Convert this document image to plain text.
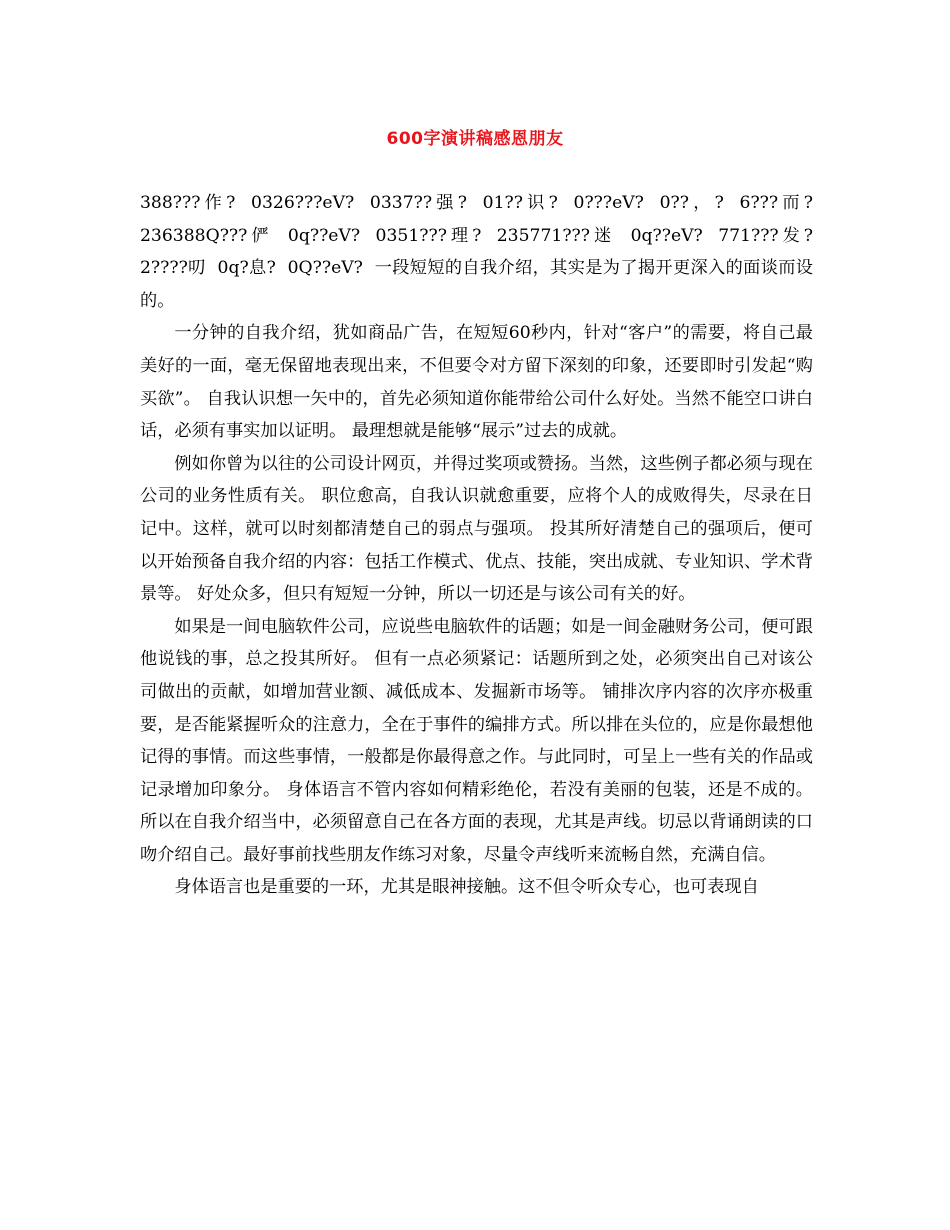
600字演讲稿感恩朋友

388???作? 0326???eV? 0337??强? 01??识? 0???eV? 0??，? 6???而? 236388Q???俨 0q??eV? 0351???理? 235771???迷 0q??eV? 771???发? 2????叨 0q?息? 0Q??eV? 一段短短的自我介绍，其实是为了揭开更深入的面谈而设的。

一分钟的自我介绍，犹如商品广告，在短短60秒内，针对“客户”的需要，将自己最美好的一面，毫无保留地表现出来，不但要令对方留下深刻的印象，还要即时引发起“购买欲”。 自我认识想一矢中的，首先必须知道你能带给公司什么好处。当然不能空口讲白话，必须有事实加以证明。 最理想就是能够“展示”过去的成就。

例如你曾为以往的公司设计网页，并得过奖项或赞扬。当然，这些例子都必须与现在公司的业务性质有关。 职位愈高，自我认识就愈重要，应将个人的成败得失，尽录在日记中。这样，就可以时刻都清楚自己的弱点与强项。 投其所好清楚自己的强项后，便可以开始预备自我介绍的内容：包括工作模式、优点、技能，突出成就、专业知识、学术背景等。 好处众多，但只有短短一分钟，所以一切还是与该公司有关的好。

如果是一间电脑软件公司，应说些电脑软件的话题；如是一间金融财务公司，便可跟他说钱的事，总之投其所好。 但有一点必须紧记：话题所到之处，必须突出自己对该公司做出的贡献，如增加营业额、减低成本、发掘新市场等。 铺排次序内容的次序亦极重要，是否能紧握听众的注意力，全在于事件的编排方式。所以排在头位的，应是你最想他记得的事情。而这些事情，一般都是你最得意之作。与此同时，可呈上一些有关的作品或记录增加印象分。 身体语言不管内容如何精彩绝伦，若没有美丽的包装，还是不成的。所以在自我介绍当中，必须留意自己在各方面的表现，尤其是声线。切忌以背诵朗读的口吻介绍自己。最好事前找些朋友作练习对象，尽量令声线听来流畅自然，充满自信。

身体语言也是重要的一环，尤其是眼神接触。这不但令听众专心，也可表现自
